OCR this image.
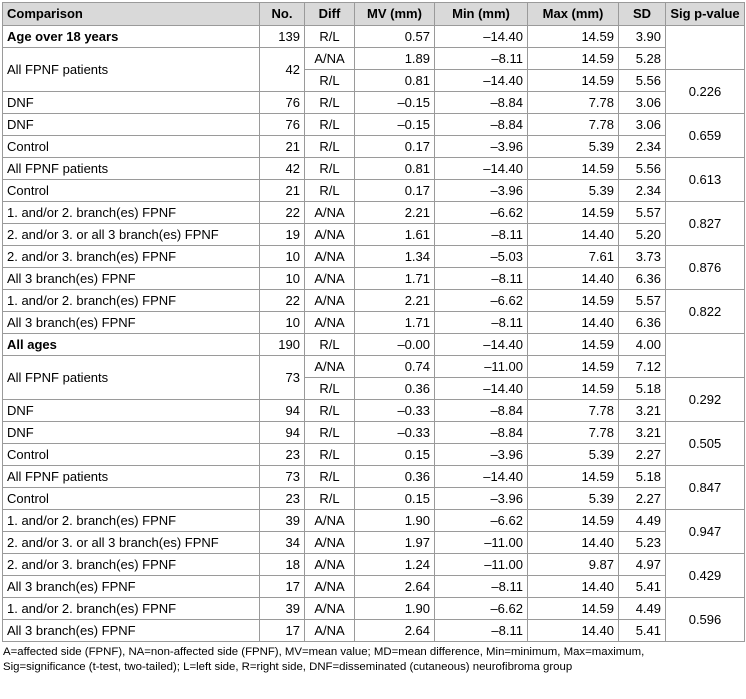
Comparison	No.	Diff	MV (mm)	Min (mm)	Max (mm)	SD	Sig p-value
Age over 18 years	139	R/L	0.57	–14.40	14.59	3.90	
All FPNF patients	42	A/NA	1.89	–8.11	14.59	5.28	
		R/L	0.81	–14.40	14.59	5.56	0.226
DNF	76	R/L	–0.15	–8.84	7.78	3.06	
DNF	76	R/L	–0.15	–8.84	7.78	3.06	0.659
Control	21	R/L	0.17	–3.96	5.39	2.34	
All FPNF patients	42	R/L	0.81	–14.40	14.59	5.56	0.613
Control	21	R/L	0.17	–3.96	5.39	2.34	
1. and/or 2. branch(es) FPNF	22	A/NA	2.21	–6.62	14.59	5.57	0.827
2. and/or 3. or all 3 branch(es) FPNF	19	A/NA	1.61	–8.11	14.40	5.20	
2. and/or 3. branch(es) FPNF	10	A/NA	1.34	–5.03	7.61	3.73	0.876
All 3 branch(es) FPNF	10	A/NA	1.71	–8.11	14.40	6.36	
1. and/or 2. branch(es) FPNF	22	A/NA	2.21	–6.62	14.59	5.57	0.822
All 3 branch(es) FPNF	10	A/NA	1.71	–8.11	14.40	6.36	
All ages	190	R/L	–0.00	–14.40	14.59	4.00	
All FPNF patients	73	A/NA	0.74	–11.00	14.59	7.12	
		R/L	0.36	–14.40	14.59	5.18	0.292
DNF	94	R/L	–0.33	–8.84	7.78	3.21	
DNF	94	R/L	–0.33	–8.84	7.78	3.21	0.505
Control	23	R/L	0.15	–3.96	5.39	2.27	
All FPNF patients	73	R/L	0.36	–14.40	14.59	5.18	0.847
Control	23	R/L	0.15	–3.96	5.39	2.27	
1. and/or 2. branch(es) FPNF	39	A/NA	1.90	–6.62	14.59	4.49	0.947
2. and/or 3. or all 3 branch(es) FPNF	34	A/NA	1.97	–11.00	14.40	5.23	
2. and/or 3. branch(es) FPNF	18	A/NA	1.24	–11.00	9.87	4.97	0.429
All 3 branch(es) FPNF	17	A/NA	2.64	–8.11	14.40	5.41	
1. and/or 2. branch(es) FPNF	39	A/NA	1.90	–6.62	14.59	4.49	0.596
All 3 branch(es) FPNF	17	A/NA	2.64	–8.11	14.40	5.41	
A=affected side (FPNF), NA=non-affected side (FPNF), MV=mean value; MD=mean difference, Min=minimum, Max=maximum,
Sig=significance (t-test, two-tailed); L=left side, R=right side, DNF=disseminated (cutaneous) neurofibroma group
